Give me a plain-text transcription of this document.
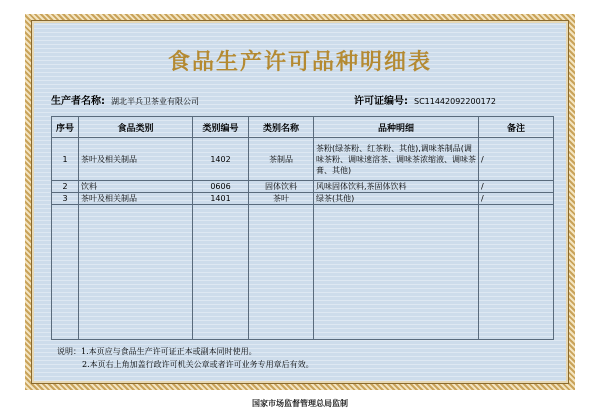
食品生产许可品种明细表
生产者名称: 湖北半兵卫茶业有限公司	许可证编号: SC11442092200172
序号	食品类别	类别编号	类别名称	品种明细	备注
1	茶叶及相关制品	1402	茶制品	茶粉(绿茶粉、红茶粉、其他),调味茶制品(调味茶粉、调味速溶茶、调味茶浓缩液、调味茶膏、其他)	/
2	饮料	0606	固体饮料	风味固体饮料,茶固体饮料	/
3	茶叶及相关制品	1401	茶叶	绿茶(其他)	/

说明：1.本页应与食品生产许可证正本或副本同时使用。
2.本页右上角加盖行政许可机关公章或者许可业务专用章后有效。
国家市场监督管理总局监制
